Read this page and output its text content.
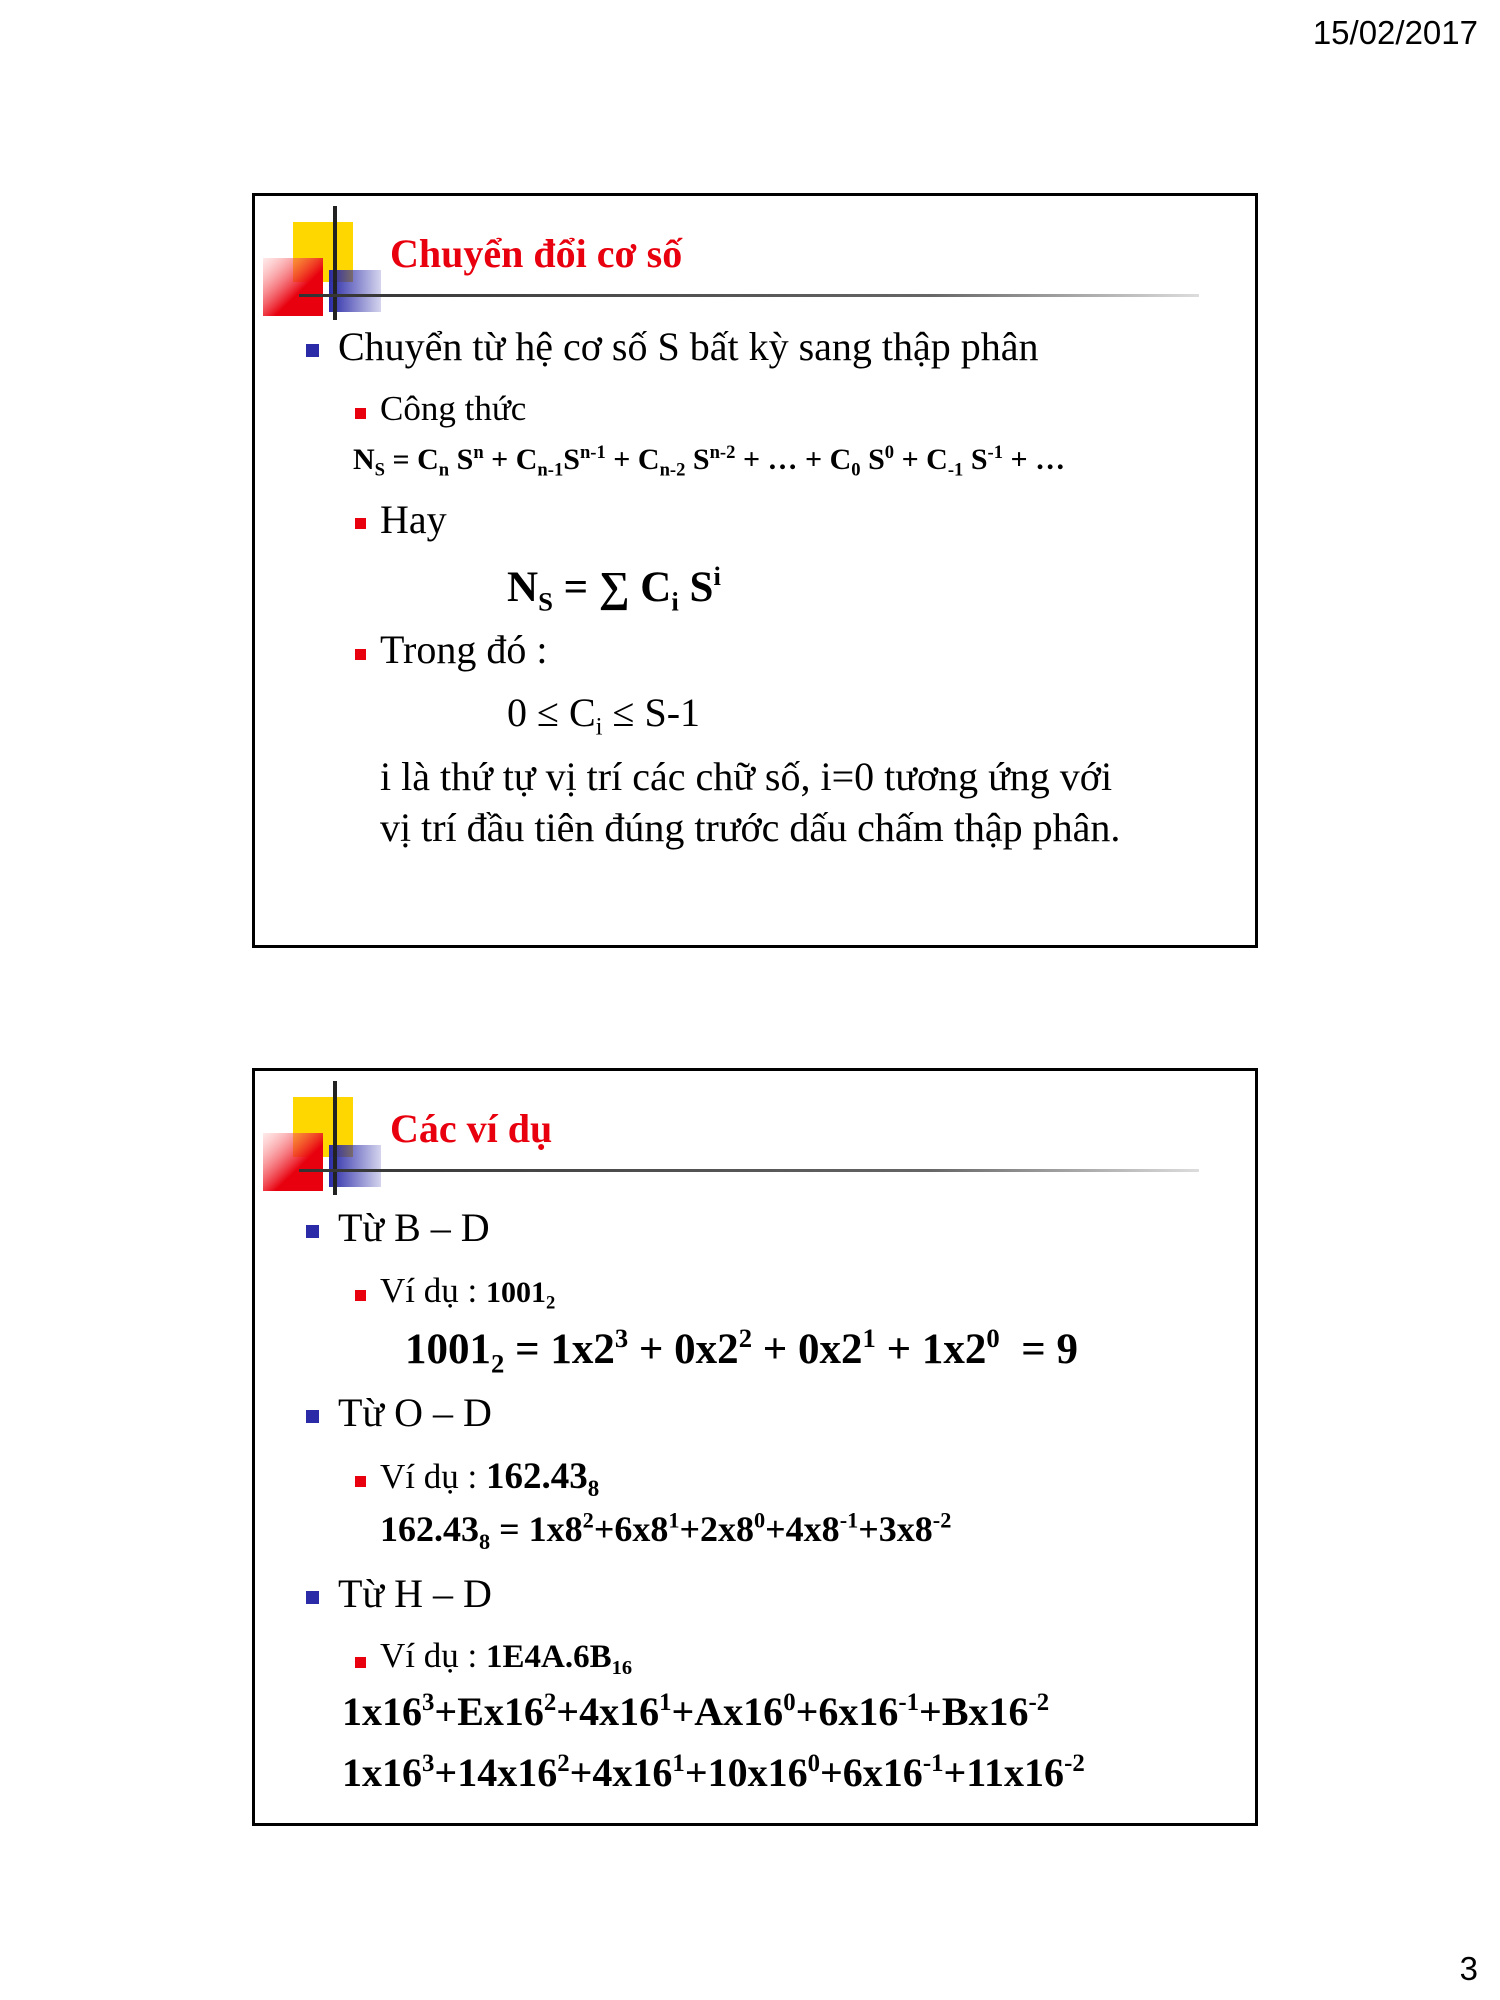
15/02/2017
Chuyển đổi cơ số
Chuyển từ hệ cơ số S bất kỳ sang thập phân
Công thức
$N_S = C_n$ $S^n + C_{n-1}S^{n-1} + C_{n-2}$ $S^{n-2}$ + … + $C_0$ $S^0 + C_{-1}$ $S^{-1}$ + …
Hay
$N_S$ = ∑ $C_i$ $S^i$
Trong đó :
$0 \le C_i \le S-1$
i là thứ tự vị trí các chữ số, i=0 tương ứng với
vị trí đầu tiên đúng trước dấu chấm thập phân.
Các ví dụ
Từ B – D
Ví dụ : $1001_2$
$1001_2 = 1x2^3 + 0x2^2 + 0x2^1 + 1x2^0 = 9$
Từ O – D
Ví dụ : $162.43_8$
$162.43_8 = 1x8^2+6x8^1+2x8^0+4x8^{-1}+3x8^{-2}$
Từ H – D
Ví dụ : $1E4A.6B_{16}$
$1x16^3+Ex16^2+4x16^1+Ax16^0+6x16^{-1}+Bx16^{-2}$
$1x16^3+14x16^2+4x16^1+10x16^0+6x16^{-1}+11x16^{-2}$
3
